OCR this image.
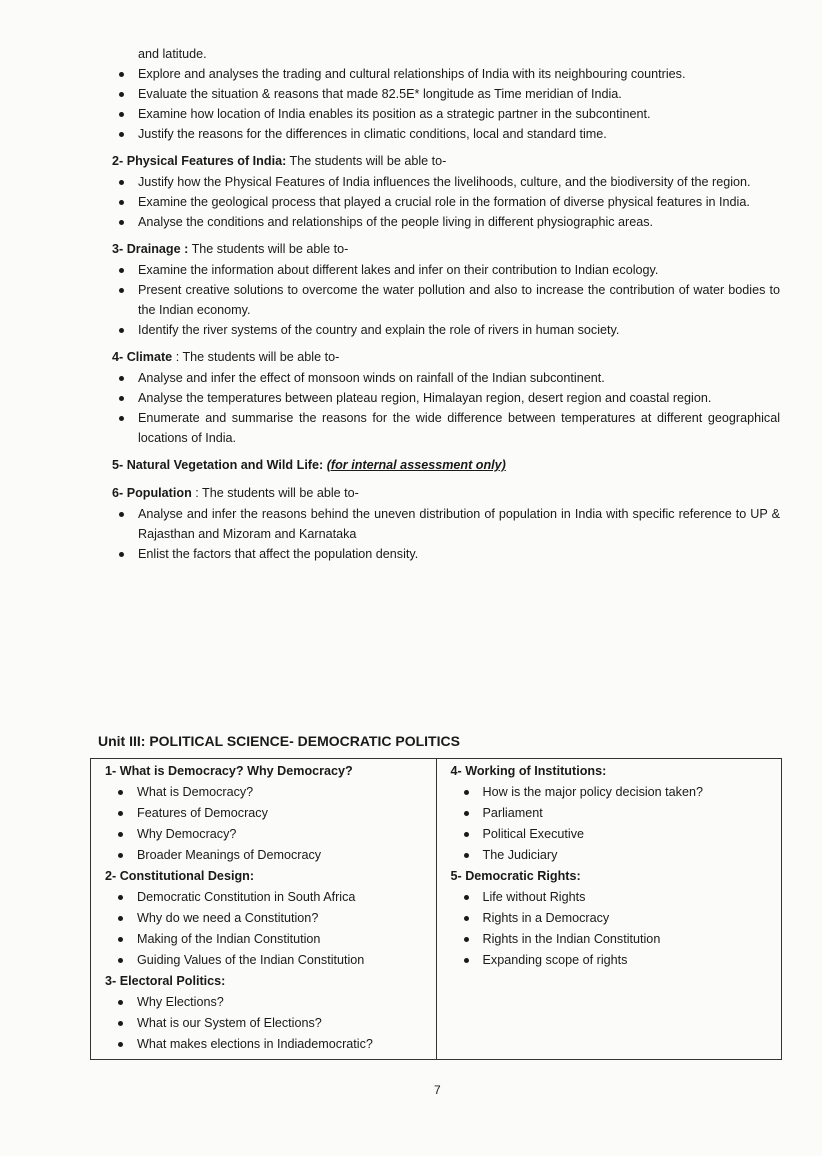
and latitude.
Explore and analyses the trading and cultural relationships of India with its neighbouring countries.
Evaluate the situation & reasons that made 82.5E* longitude as Time meridian of India.
Examine how location of India enables its position as a strategic partner in the subcontinent.
Justify the reasons for the differences in climatic conditions, local and standard time.
2- Physical Features of India: The students will be able to-
Justify how the Physical Features of India influences the livelihoods, culture, and the biodiversity of the region.
Examine the geological process that played a crucial role in the formation of diverse physical features in India.
Analyse the conditions and relationships of the people living in different physiographic areas.
3- Drainage : The students will be able to-
Examine the information about different lakes and infer on their contribution to Indian ecology.
Present creative solutions to overcome the water pollution and also to increase the contribution of water bodies to the Indian economy.
Identify the river systems of the country and explain the role of rivers in human society.
4- Climate : The students will be able to-
Analyse and infer the effect of monsoon winds on rainfall of the Indian subcontinent.
Analyse the temperatures between plateau region, Himalayan region, desert region and coastal region.
Enumerate and summarise the reasons for the wide difference between temperatures at different geographical locations of India.
5- Natural Vegetation and Wild Life: (for internal assessment only)
6- Population : The students will be able to-
Analyse and infer the reasons behind the uneven distribution of population in India with specific reference to UP & Rajasthan and Mizoram and Karnataka
Enlist the factors that affect the population density.
Unit III: POLITICAL SCIENCE- DEMOCRATIC POLITICS
1- What is Democracy? Why Democracy?
What is Democracy?
Features of Democracy
Why Democracy?
Broader Meanings of Democracy
2- Constitutional Design:
Democratic Constitution in South Africa
Why do we need a Constitution?
Making of the Indian Constitution
Guiding Values of the Indian Constitution
3- Electoral Politics:
Why Elections?
What is our System of Elections?
What makes elections in Indiademocratic?

4- Working of Institutions:
How is the major policy decision taken?
Parliament
Political Executive
The Judiciary
5- Democratic Rights:
Life without Rights
Rights in a Democracy
Rights in the Indian Constitution
Expanding scope of rights
7
